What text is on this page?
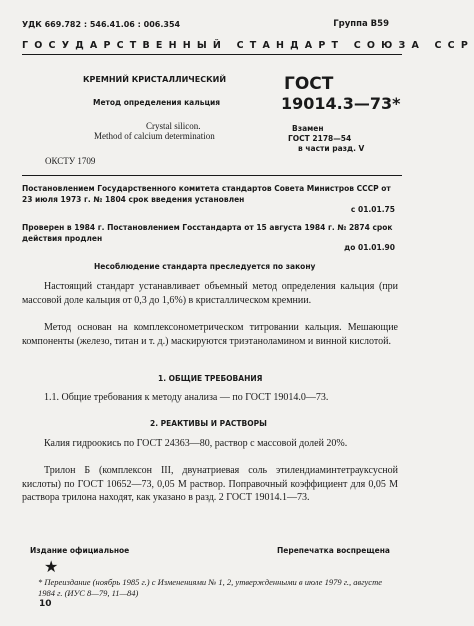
УДК 669.782 : 546.41.06 : 006.354	Группа В59
ГОСУДАРСТВЕННЫЙ СТАНДАРТ СОЮЗА ССР
КРЕМНИЙ КРИСТАЛЛИЧЕСКИЙ
Метод определения кальция
ГОСТ
19014.3—73*
Crystal silicon.
Method of calcium determination
Взамен
ГОСТ 2178—54
в части разд. V
ОКСТУ 1709
Постановлением Государственного комитета стандартов Совета Министров СССР от 23 июля 1973 г. № 1804 срок введения установлен
с 01.01.75
Проверен в 1984 г. Постановлением Госстандарта от 15 августа 1984 г. № 2874 срок действия продлен
до 01.01.90
Несоблюдение стандарта преследуется по закону
Настоящий стандарт устанавливает объемный метод определения кальция (при массовой доле кальция от 0,3 до 1,6%) в кристаллическом кремнии.
Метод основан на комплексонометрическом титровании кальция. Мешающие компоненты (железо, титан и т. д.) маскируются триэтаноламином и винной кислотой.
1. ОБЩИЕ ТРЕБОВАНИЯ
1.1. Общие требования к методу анализа — по ГОСТ 19014.0—73.
2. РЕАКТИВЫ И РАСТВОРЫ
Калия гидроокись по ГОСТ 24363—80, раствор с массовой долей 20%.
Трилон Б (комплексон III, двунатриевая соль этилендиаминтетрауксусной кислоты) по ГОСТ 10652—73, 0,05 М раствор. Поправочный коэффициент для 0,05 М раствора трилона находят, как указано в разд. 2 ГОСТ 19014.1—73.
Издание официальное	Перепечатка воспрещена
★
* Переиздание (ноябрь 1985 г.) с Изменениями № 1, 2, утвержденными в июле 1979 г., августе 1984 г. (ИУС 8—79, 11—84)
10
